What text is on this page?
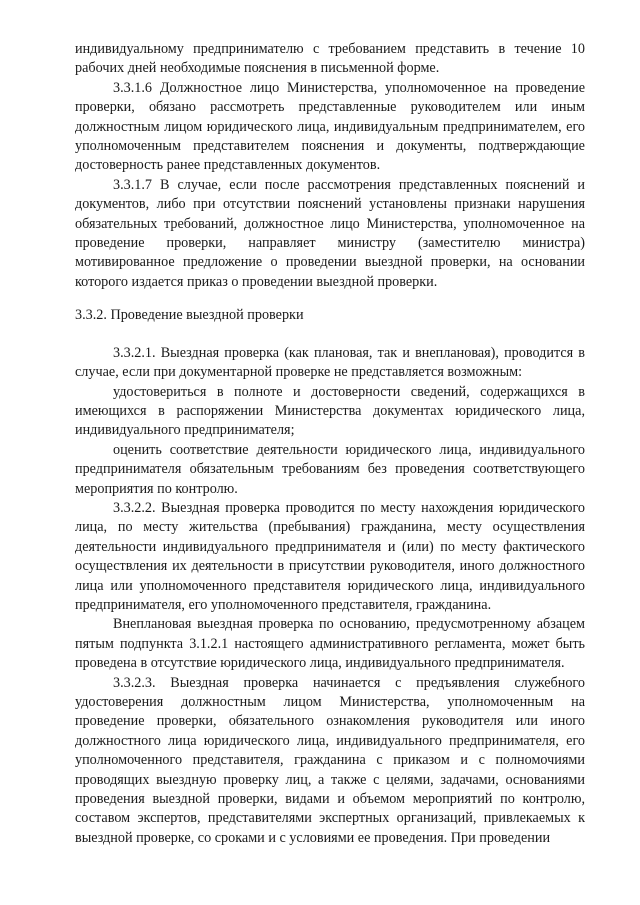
индивидуальному предпринимателю с требованием представить в течение 10 рабочих дней необходимые пояснения в письменной форме.

3.3.1.6 Должностное лицо Министерства, уполномоченное на проведение проверки, обязано рассмотреть представленные руководителем или иным должностным лицом юридического лица, индивидуальным предпринимателем, его уполномоченным представителем пояснения и документы, подтверждающие достоверность ранее представленных документов.

3.3.1.7 В случае, если после рассмотрения представленных пояснений и документов, либо при отсутствии пояснений установлены признаки нарушения обязательных требований, должностное лицо Министерства, уполномоченное на проведение проверки, направляет министру (заместителю министра) мотивированное предложение о проведении выездной проверки, на основании которого издается приказ о проведении выездной проверки.

3.3.2. Проведение выездной проверки

3.3.2.1. Выездная проверка (как плановая, так и внеплановая), проводится в случае, если при документарной проверке не представляется возможным:

удостовериться в полноте и достоверности сведений, содержащихся в имеющихся в распоряжении Министерства документах юридического лица, индивидуального предпринимателя;

оценить соответствие деятельности юридического лица, индивидуального предпринимателя обязательным требованиям без проведения соответствующего мероприятия по контролю.

3.3.2.2. Выездная проверка проводится по месту нахождения юридического лица, по месту жительства (пребывания) гражданина, месту осуществления деятельности индивидуального предпринимателя и (или) по месту фактического осуществления их деятельности в присутствии руководителя, иного должностного лица или уполномоченного представителя юридического лица, индивидуального предпринимателя, его уполномоченного представителя, гражданина.

Внеплановая выездная проверка по основанию, предусмотренному абзацем пятым подпункта 3.1.2.1 настоящего административного регламента, может быть проведена в отсутствие юридического лица, индивидуального предпринимателя.

3.3.2.3. Выездная проверка начинается с предъявления служебного удостоверения должностным лицом Министерства, уполномоченным на проведение проверки, обязательного ознакомления руководителя или иного должностного лица юридического лица, индивидуального предпринимателя, его уполномоченного представителя, гражданина с приказом и с полномочиями проводящих выездную проверку лиц, а также с целями, задачами, основаниями проведения выездной проверки, видами и объемом мероприятий по контролю, составом экспертов, представителями экспертных организаций, привлекаемых к выездной проверке, со сроками и с условиями ее проведения. При проведении
